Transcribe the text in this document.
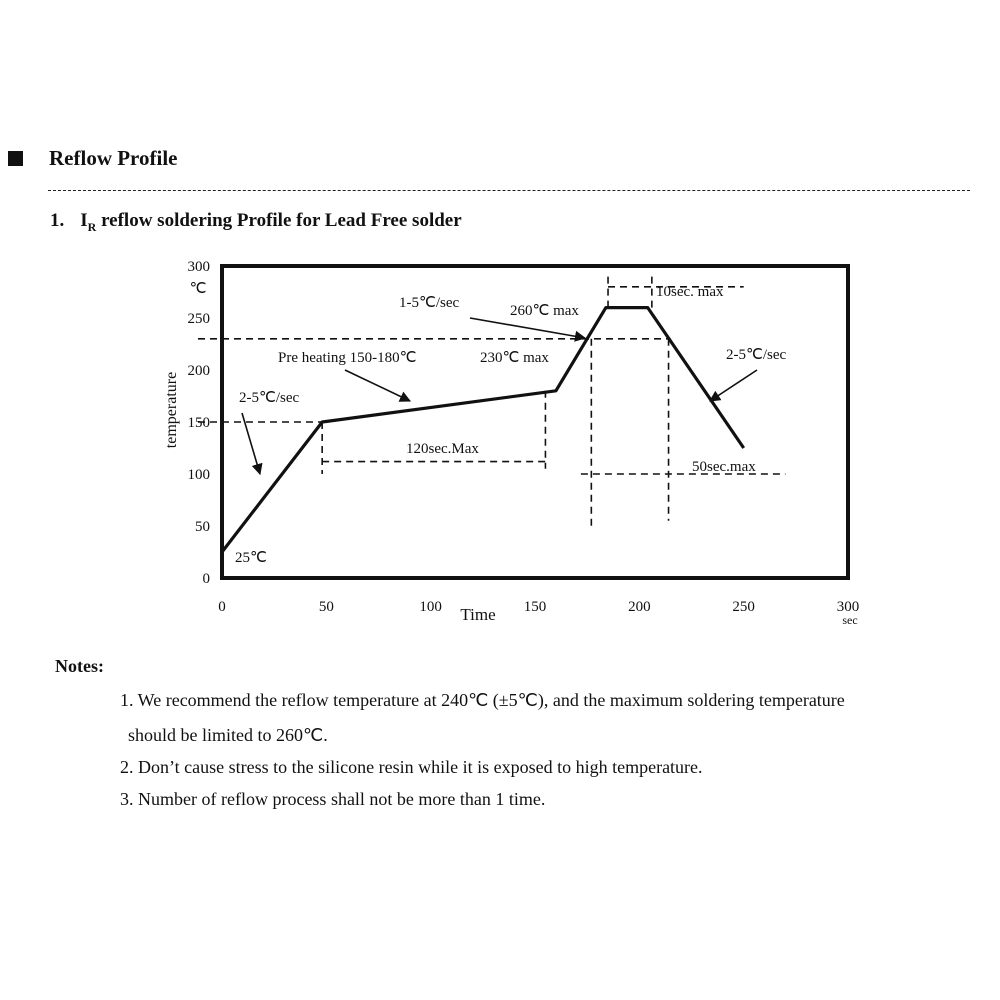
Reflow Profile
1. $I_R$ reflow soldering Profile for Lead Free solder
0	50	100	150	200	250	300
0
50
100
150
200
250
300
25℃
2-5℃/sec
Pre heating 150-180℃
120sec.Max
1-5℃/sec	260℃ max
230℃ max
10sec. max
2-5℃/sec
50sec.max
Time	sec
temperature
℃
Notes:
1. We recommend the reflow temperature at 240℃ (±5℃), and the maximum soldering temperature
should be limited to 260℃.
2. Don’t cause stress to the silicone resin while it is exposed to high temperature.
3. Number of reflow process shall not be more than 1 time.
